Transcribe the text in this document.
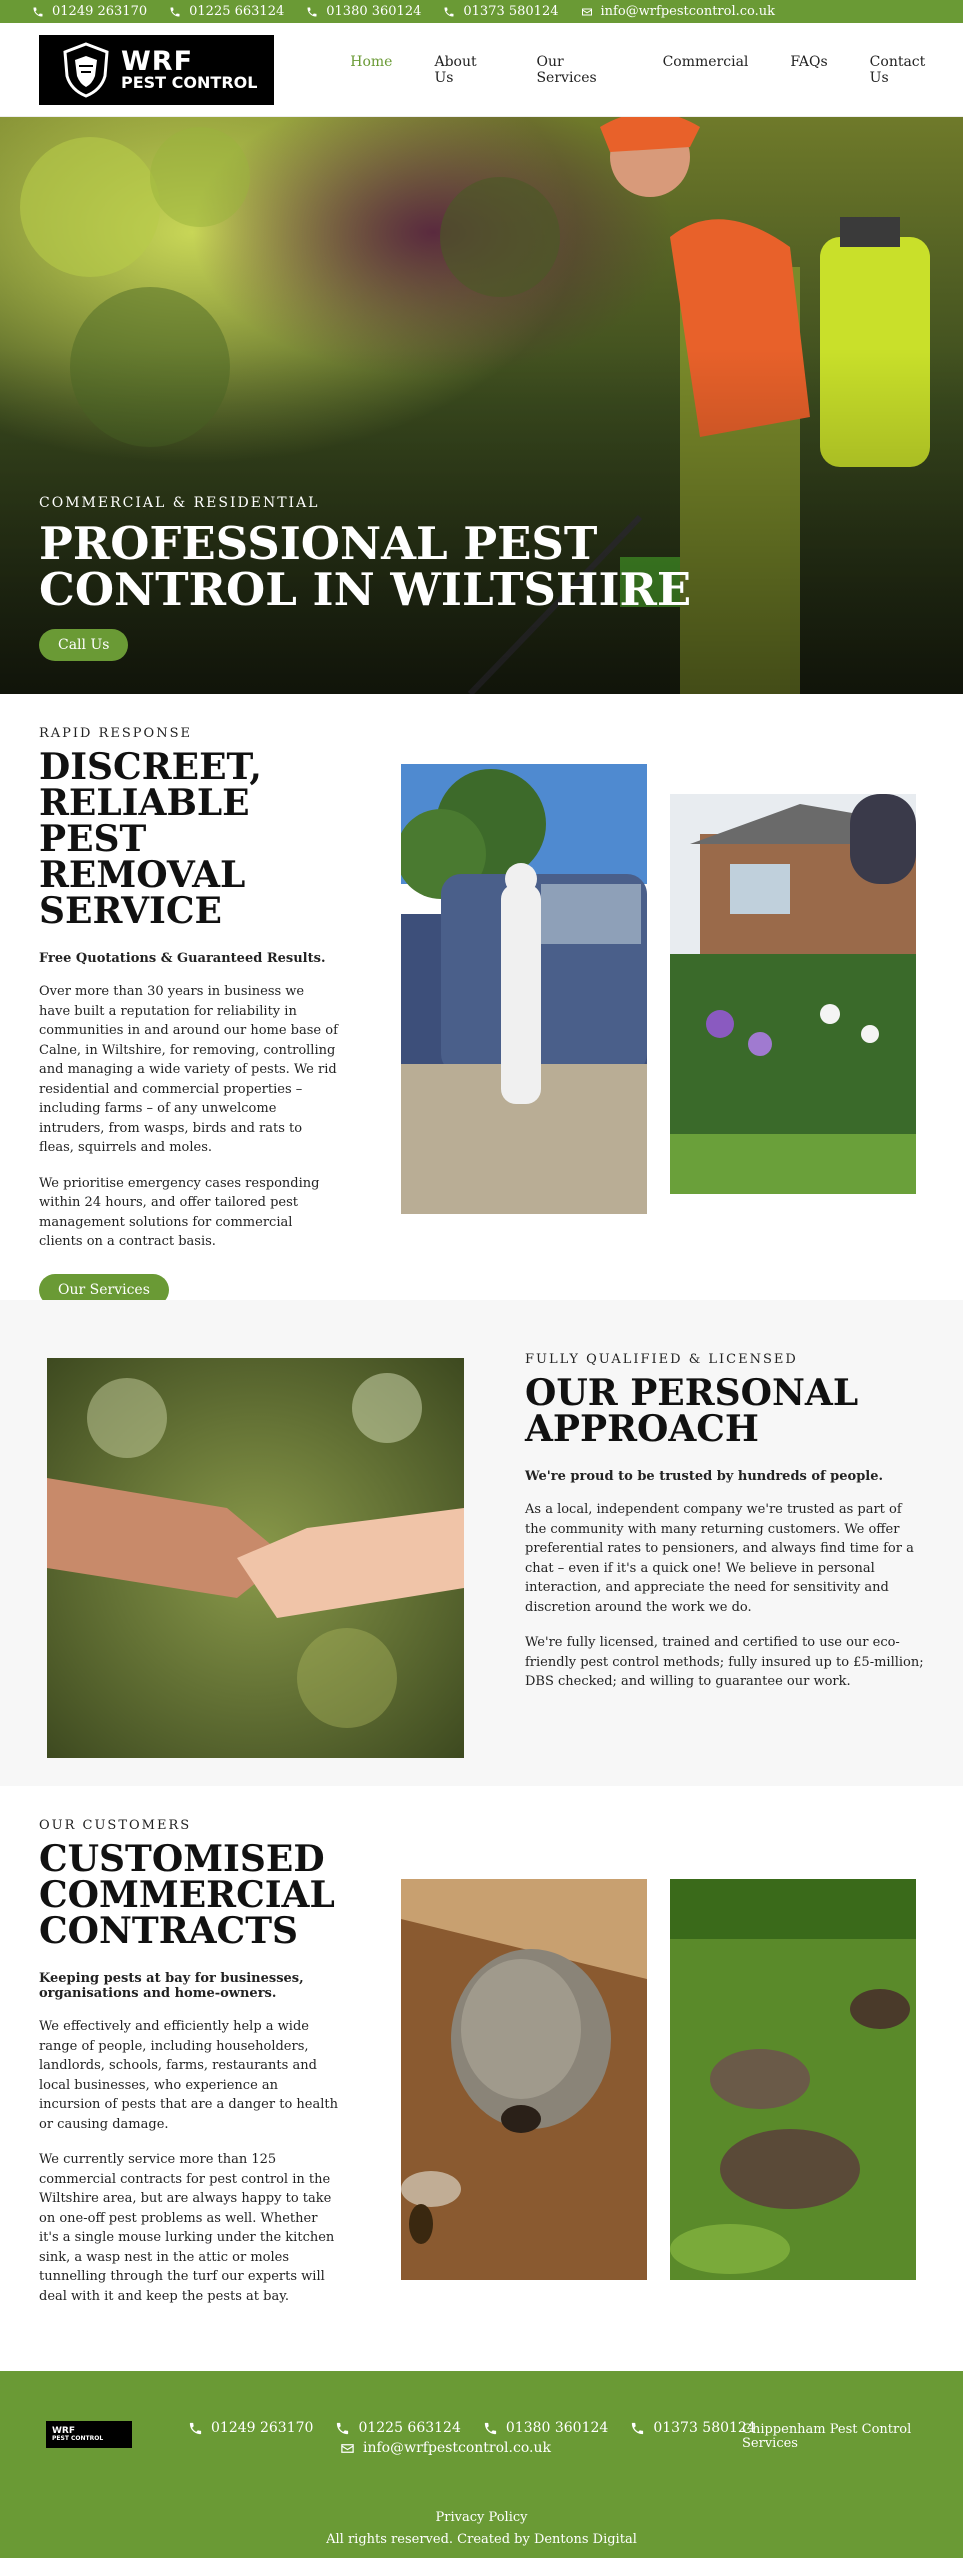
01249 263170	01225 663124	01380 360124	01373 580124	info@wrfpestcontrol.co.uk
WRF
PEST CONTROL
Home	About Us
Our Services
Commercial	FAQs	Contact Us
COMMERCIAL & RESIDENTIAL
PROFESSIONAL PEST CONTROL IN WILTSHIRE
Call Us
RAPID RESPONSE
DISCREET, RELIABLE PEST REMOVAL SERVICE

Free Quotations & Guaranteed Results.

Over more than 30 years in business we have built a reputation for reliability in communities in and around our home base of Calne, in Wiltshire, for removing, controlling and managing a wide variety of pests. We rid residential and commercial properties – including farms – of any unwelcome intruders, from wasps, birds and rats to fleas, squirrels and moles.

We prioritise emergency cases responding within 24 hours, and offer tailored pest management solutions for commercial clients on a contract basis.

Our Services
FULLY QUALIFIED & LICENSED
OUR PERSONAL APPROACH

We're proud to be trusted by hundreds of people.

As a local, independent company we're trusted as part of the community with many returning customers. We offer preferential rates to pensioners, and always find time for a chat – even if it's a quick one! We believe in personal interaction, and appreciate the need for sensitivity and discretion around the work we do.

We're fully licensed, trained and certified to use our eco-friendly pest control methods; fully insured up to £5-million; DBS checked; and willing to guarantee our work.

OUR CUSTOMERS
CUSTOMISED COMMERCIAL CONTRACTS

Keeping pests at bay for businesses, organisations and home-owners.

We effectively and efficiently help a wide range of people, including householders, landlords, schools, farms, restaurants and local businesses, who experience an incursion of pests that are a danger to health or causing damage.

We currently service more than 125 commercial contracts for pest control in the Wiltshire area, but are always happy to take on one-off pest problems as well. Whether it's a single mouse lurking under the kitchen sink, a wasp nest in the attic or moles tunnelling through the turf our experts will deal with it and keep the pests at bay.

WRF
PEST CONTROL
01249 263170	01225 663124	01380 360124	01373 580124
info@wrfpestcontrol.co.uk
Chippenham Pest Control Services
Privacy Policy
All rights reserved. Created by Dentons Digital
